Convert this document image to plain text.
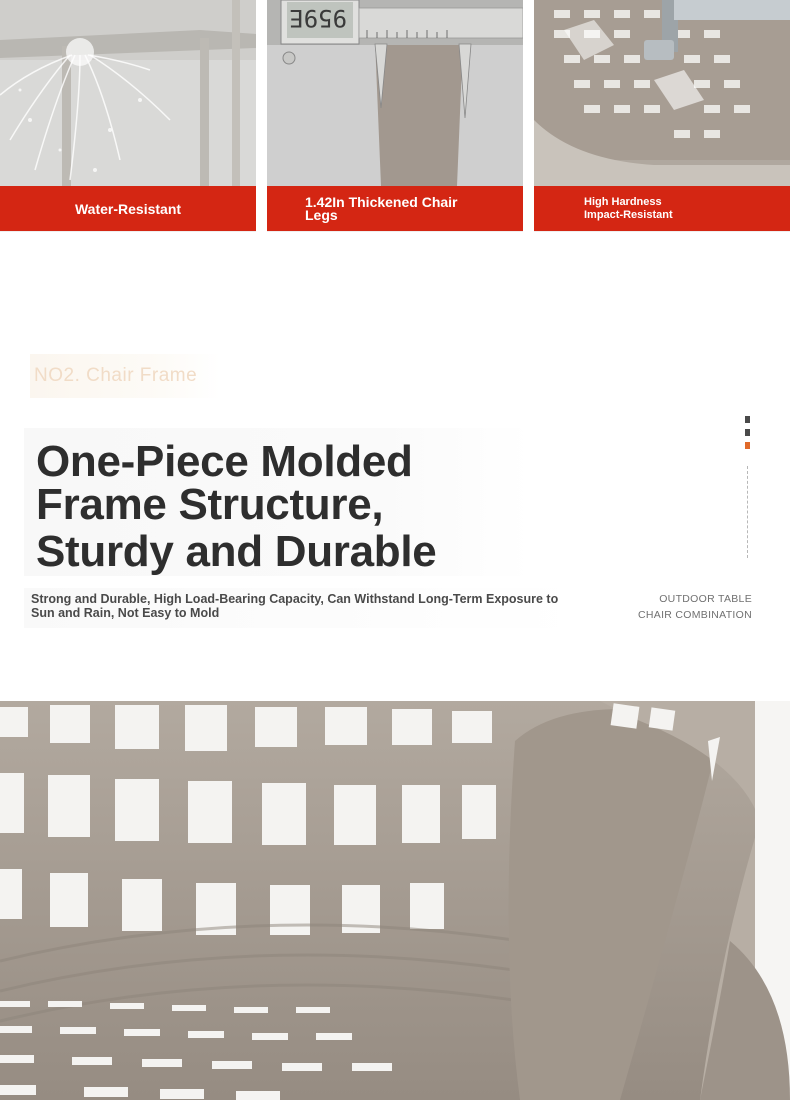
Water-Resistant
959E
1.42In Thickened Chair
Legs
High Hardness
Impact-Resistant
NO2. Chair Frame
One-Piece Molded
Frame Structure,
Sturdy and Durable

Strong and Durable, High Load-Bearing Capacity, Can Withstand Long-Term Exposure to Sun and Rain, Not Easy to Mold

OUTDOOR TABLE
CHAIR COMBINATION
